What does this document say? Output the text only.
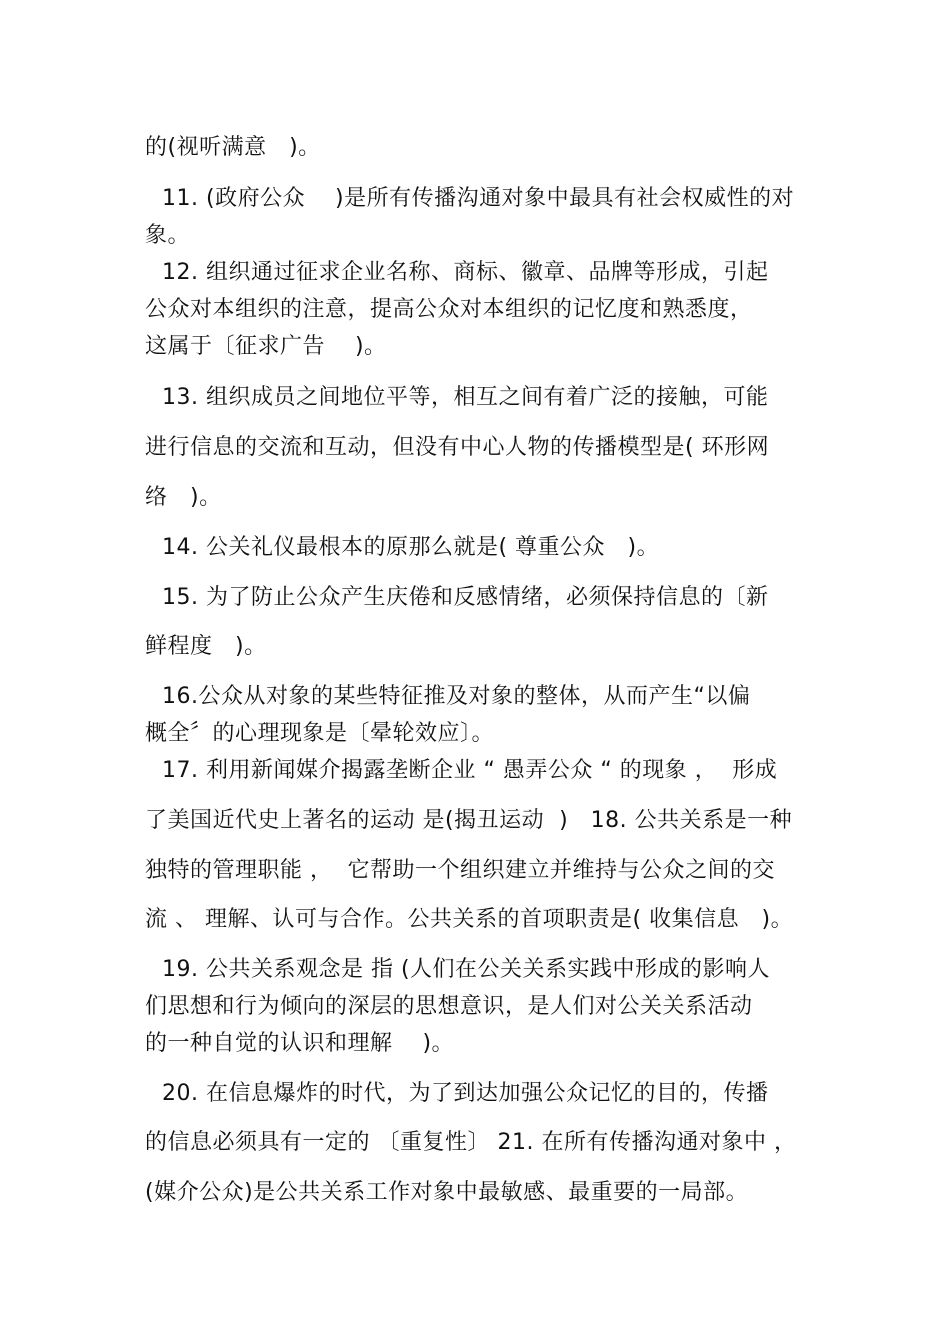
的(视听满意   )。
11. (政府公众    )是所有传播沟通对象中最具有社会权威性的对
象。
12. 组织通过征求企业名称、商标、徽章、品牌等形成，引起
公众对本组织的注意，提高公众对本组织的记忆度和熟悉度，
这属于〔征求广告    )。
13. 组织成员之间地位平等，相互之间有着广泛的接触，可能
进行信息的交流和互动，但没有中心人物的传播模型是( 环形网
络   )。
14. 公关礼仪最根本的原那么就是( 尊重公众   )。
15. 为了防止公众产生庆倦和反感情绪，必须保持信息的〔新
鲜程度   )。
16.公众从对象的某些特征推及对象的整体，从而产生“以偏
概全〞的心理现象是〔晕轮效应〕。
17. 利用新闻媒介揭露垄断企业 “ 愚弄公众 “ 的现象 ，  形成
了美国近代史上著名的运动 是(揭丑运动  )   18. 公共关系是一种
独特的管理职能 ，  它帮助一个组织建立并维持与公众之间的交
流 、 理解、认可与合作。公共关系的首项职责是( 收集信息   )。
19. 公共关系观念是 指 (人们在公关关系实践中形成的影响人
们思想和行为倾向的深层的思想意识，是人们对公关关系活动
的一种自觉的认识和理解    )。
20. 在信息爆炸的时代，为了到达加强公众记忆的目的，传播
的信息必须具有一定的 〔重复性〕 21. 在所有传播沟通对象中 ，
(媒介公众)是公共关系工作对象中最敏感、最重要的一局部。
